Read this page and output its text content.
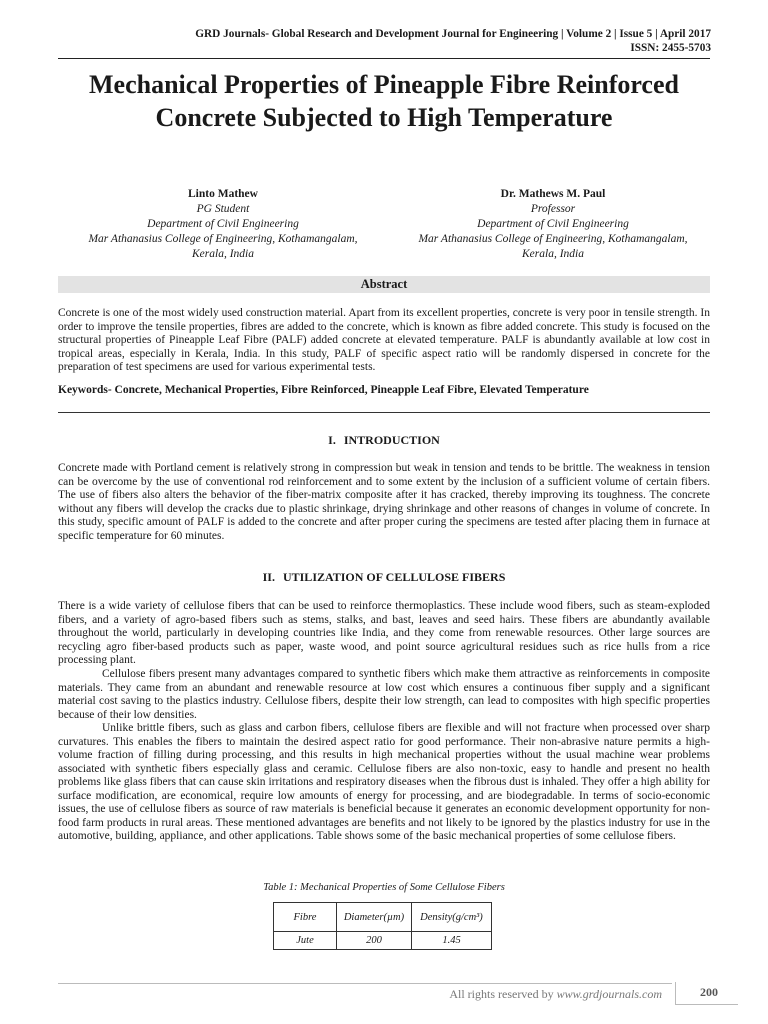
GRD Journals- Global Research and Development Journal for Engineering | Volume 2 | Issue 5 | April 2017
ISSN: 2455-5703
Mechanical Properties of Pineapple Fibre Reinforced Concrete Subjected to High Temperature
Linto Mathew
PG Student
Department of Civil Engineering
Mar Athanasius College of Engineering, Kothamangalam,
Kerala, India
Dr. Mathews M. Paul
Professor
Department of Civil Engineering
Mar Athanasius College of Engineering, Kothamangalam,
Kerala, India
Abstract

Concrete is one of the most widely used construction material. Apart from its excellent properties, concrete is very poor in tensile strength. In order to improve the tensile properties, fibres are added to the concrete, which is known as fibre added concrete. This study is focused on the structural properties of Pineapple Leaf Fibre (PALF) added concrete at elevated temperature. PALF is abundantly available at low cost in tropical areas, especially in Kerala, India. In this study, PALF of specific aspect ratio will be randomly dispersed in concrete for the preparation of test specimens are used for various experimental tests.

Keywords- Concrete, Mechanical Properties, Fibre Reinforced, Pineapple Leaf Fibre, Elevated Temperature
I. INTRODUCTION

Concrete made with Portland cement is relatively strong in compression but weak in tension and tends to be brittle. The weakness in tension can be overcome by the use of conventional rod reinforcement and to some extent by the inclusion of a sufficient volume of certain fibers. The use of fibers also alters the behavior of the fiber-matrix composite after it has cracked, thereby improving its toughness. The concrete without any fibers will develop the cracks due to plastic shrinkage, drying shrinkage and other reasons of changes in volume of concrete. In this study, specific amount of PALF is added to the concrete and after proper curing the specimens are tested after placing them in furnace at specific temperature for 60 minutes.

II. UTILIZATION OF CELLULOSE FIBERS

There is a wide variety of cellulose fibers that can be used to reinforce thermoplastics. These include wood fibers, such as steam-exploded fibers, and a variety of agro-based fibers such as stems, stalks, and bast, leaves and seed hairs. These fibers are abundantly available throughout the world, particularly in developing countries like India, and they come from renewable resources. Other large sources are recycling agro fiber-based products such as paper, waste wood, and point source agricultural residues such as rice hulls from a rice processing plant.

Cellulose fibers present many advantages compared to synthetic fibers which make them attractive as reinforcements in composite materials. They came from an abundant and renewable resource at low cost which ensures a continuous fiber supply and a significant material cost saving to the plastics industry. Cellulose fibers, despite their low strength, can lead to composites with high specific properties because of their low densities.

Unlike brittle fibers, such as glass and carbon fibers, cellulose fibers are flexible and will not fracture when processed over sharp curvatures. This enables the fibers to maintain the desired aspect ratio for good performance. Their non-abrasive nature permits a high-volume fraction of filling during processing, and this results in high mechanical properties without the usual machine wear problems associated with synthetic fibers especially glass and ceramic. Cellulose fibers are also non-toxic, easy to handle and present no health problems like glass fibers that can cause skin irritations and respiratory diseases when the fibrous dust is inhaled. They offer a high ability for surface modification, are economical, require low amounts of energy for processing, and are biodegradable. In terms of socio-economic issues, the use of cellulose fibers as source of raw materials is beneficial because it generates an economic development opportunity for non-food farm products in rural areas. These mentioned advantages are benefits and not likely to be ignored by the plastics industry for use in the automotive, building, appliance, and other applications. Table shows some of the basic mechanical properties of some cellulose fibers.

Table 1: Mechanical Properties of Some Cellulose Fibers
Fibre	Diameter(µm)	Density(g/cm³)
Jute	200	1.45
All rights reserved by www.grdjournals.com	200
